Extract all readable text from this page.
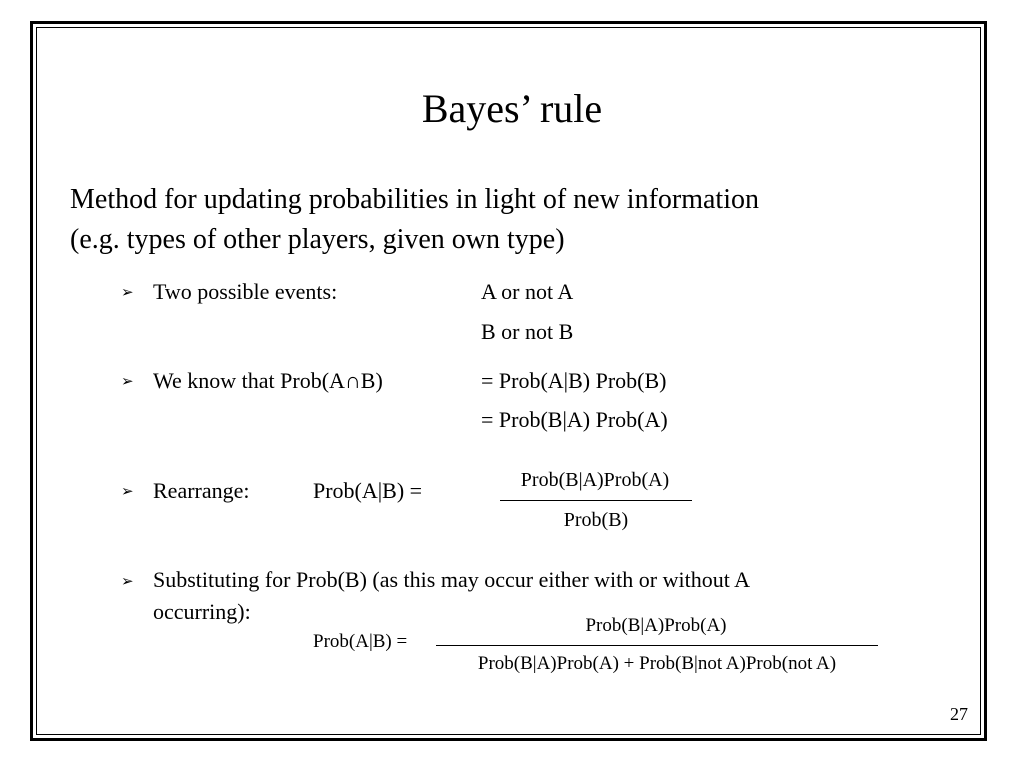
Bayes’ rule
Method for updating probabilities in light of new information
(e.g. types of other players, given own type)
➢ Two possible events:	A or not A
B or not B
➢ We know that Prob(A∩B)	= Prob(A|B) Prob(B)
= Prob(B|A) Prob(A)
➢ Rearrange:	Prob(A|B) =	Prob(B|A)Prob(A)
Prob(B)
➢ Substituting for Prob(B) (as this may occur either with or without A
occurring):
Prob(A|B) =
Prob(B|A)Prob(A)
Prob(B|A)Prob(A) + Prob(B|not A)Prob(not A)
27
